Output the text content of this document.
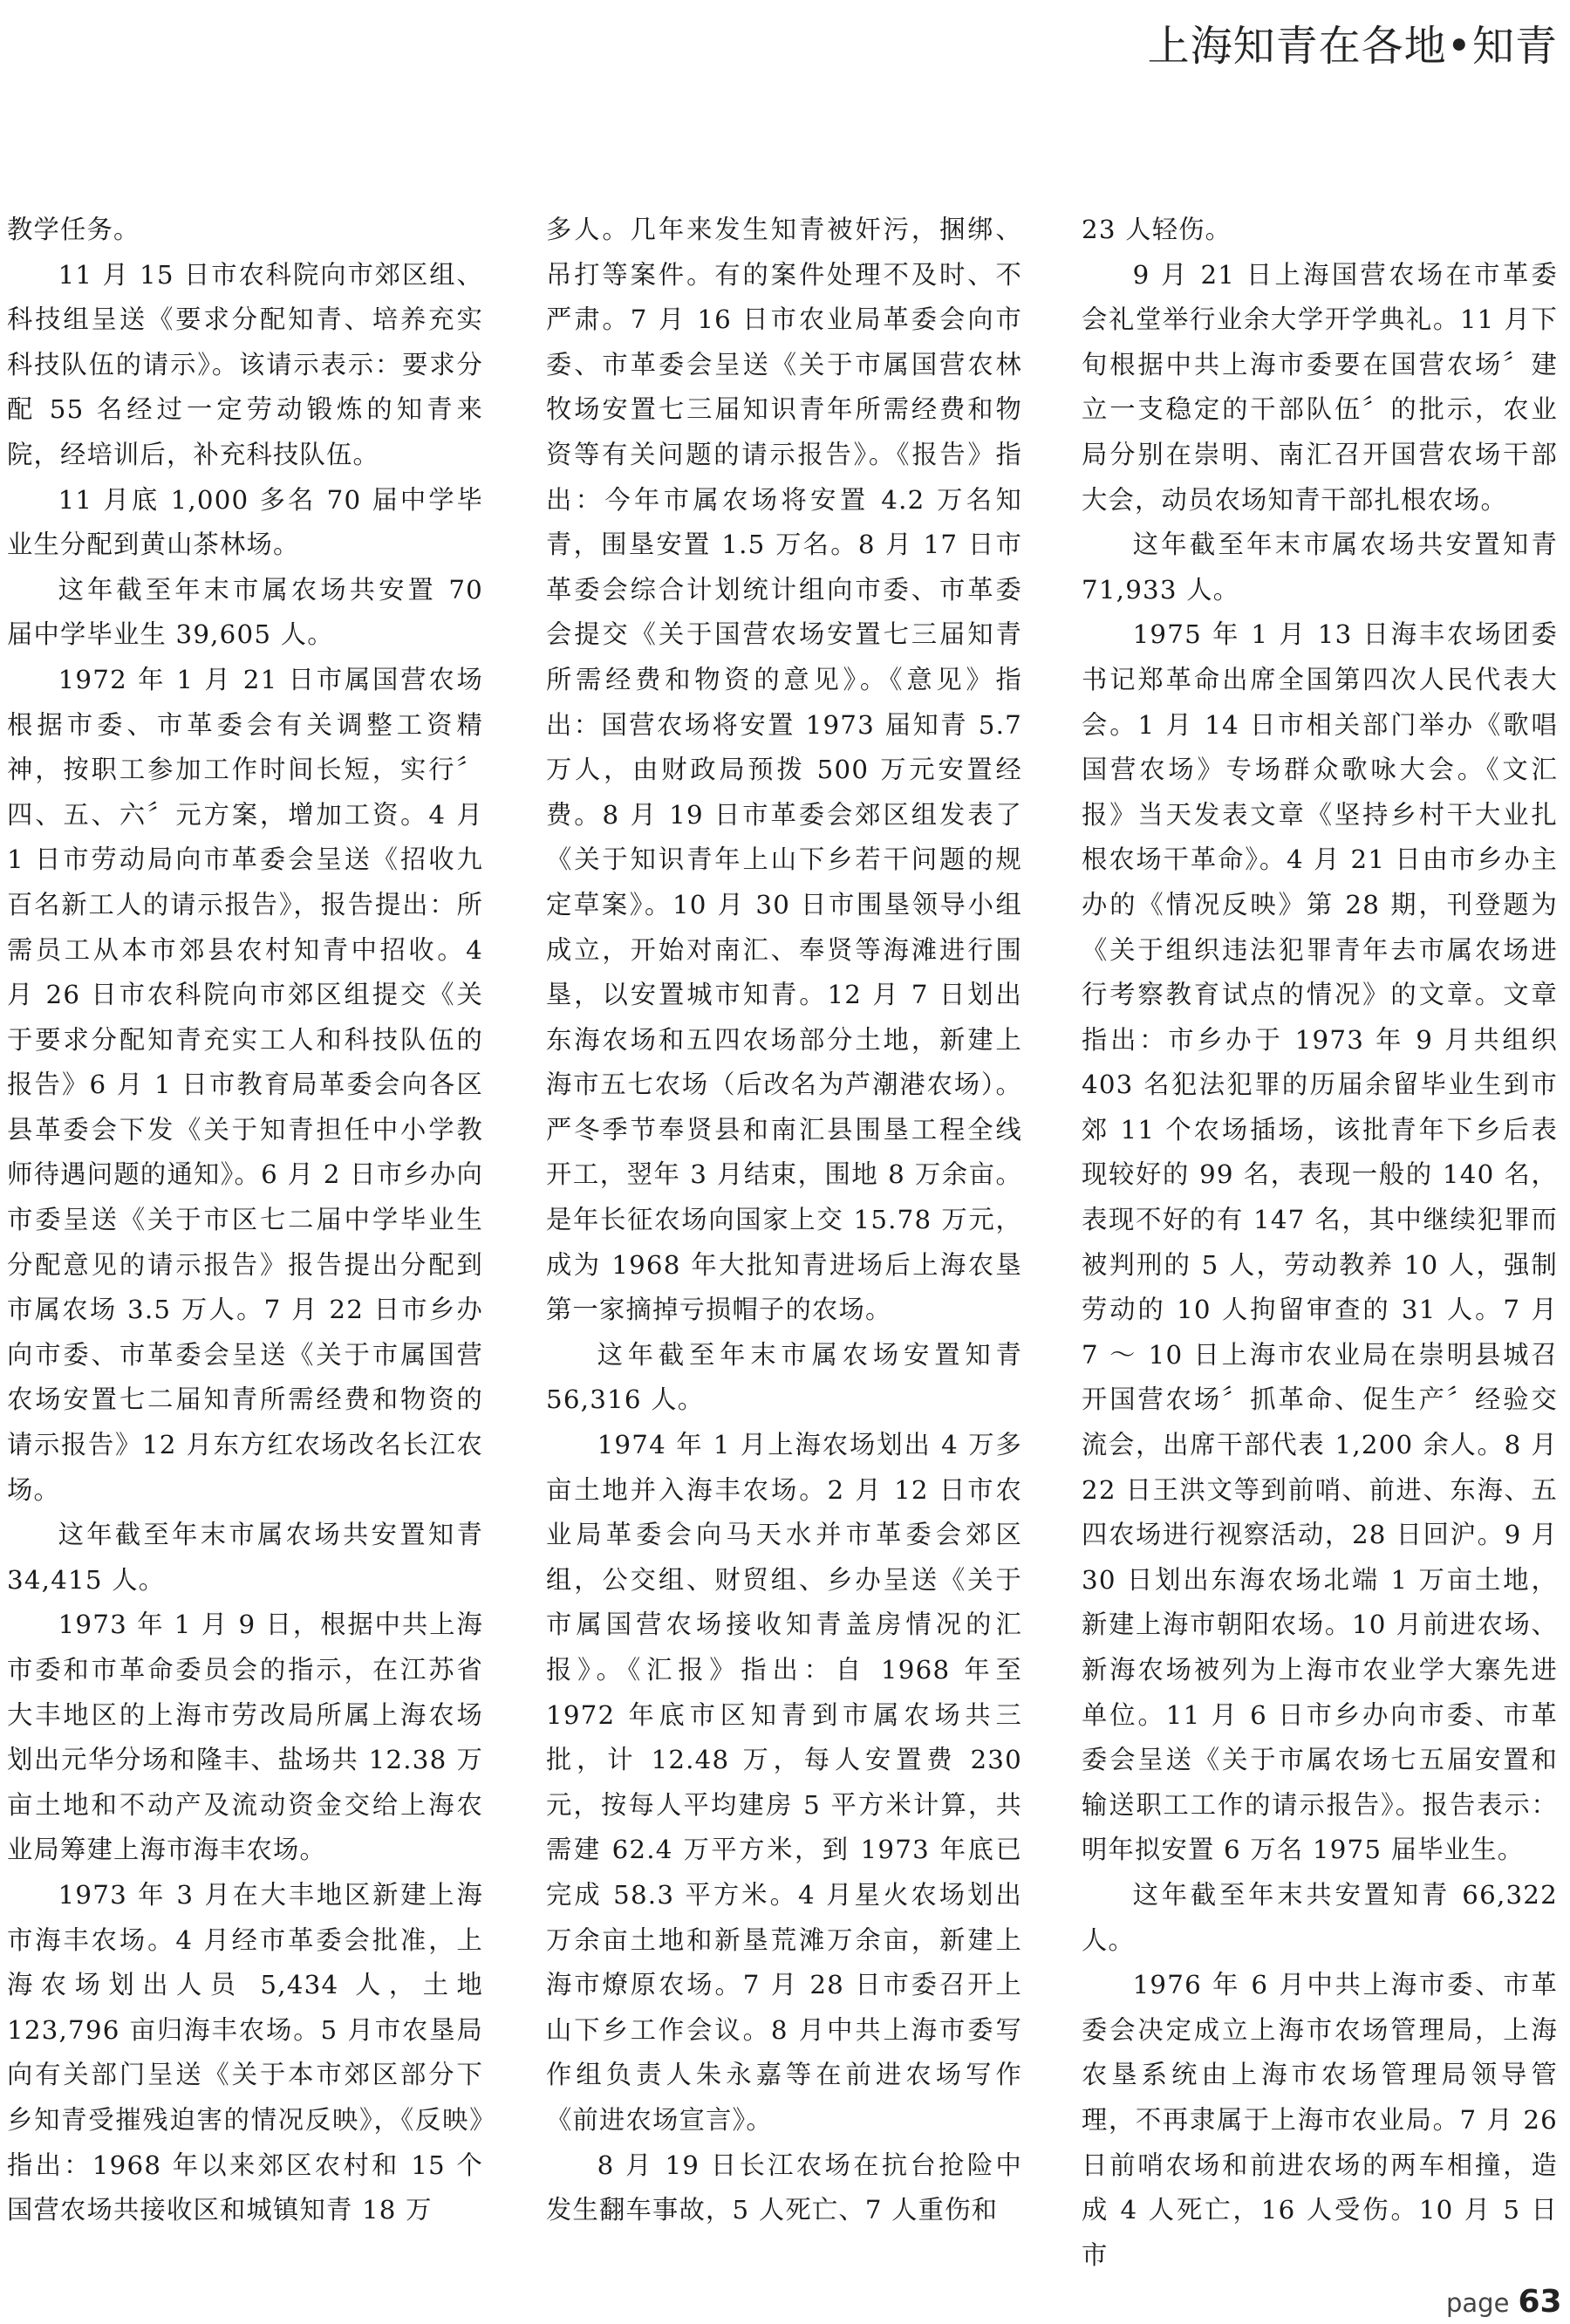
上海知青在各地•知青

教学任务。

11 月 15 日市农科院向市郊区组、科技组呈送《要求分配知青、培养充实科技队伍的请示》。该请示表示：要求分配 55 名经过一定劳动锻炼的知青来院，经培训后，补充科技队伍。

11 月底 1,000 多名 70 届中学毕业生分配到黄山茶林场。

这年截至年末市属农场共安置 70 届中学毕业生 39,605 人。

1972 年 1 月 21 日市属国营农场根据市委、市革委会有关调整工资精神，按职工参加工作时间长短，实行〞四、五、六〞元方案，增加工资。4 月 1 日市劳动局向市革委会呈送《招收九百名新工人的请示报告》，报告提出：所需员工从本市郊县农村知青中招收。4 月 26 日市农科院向市郊区组提交《关于要求分配知青充实工人和科技队伍的报告》6 月 1 日市教育局革委会向各区县革委会下发《关于知青担任中小学教师待遇问题的通知》。6 月 2 日市乡办向市委呈送《关于市区七二届中学毕业生分配意见的请示报告》报告提出分配到市属农场 3.5 万人。7 月 22 日市乡办向市委、市革委会呈送《关于市属国营农场安置七二届知青所需经费和物资的请示报告》12 月东方红农场改名长江农场。

这年截至年末市属农场共安置知青 34,415 人。

1973 年 1 月 9 日，根据中共上海市委和市革命委员会的指示，在江苏省大丰地区的上海市劳改局所属上海农场划出元华分场和隆丰、盐场共 12.38 万亩土地和不动产及流动资金交给上海农业局筹建上海市海丰农场。

1973 年 3 月在大丰地区新建上海市海丰农场。4 月经市革委会批准，上海农场划出人员 5,434 人，土地 123,796 亩归海丰农场。5 月市农垦局向有关部门呈送《关于本市郊区部分下乡知青受摧残迫害的情况反映》，《反映》指出：1968 年以来郊区农村和 15 个国营农场共接收区和城镇知青 18 万

多人。几年来发生知青被奸污，捆绑、吊打等案件。有的案件处理不及时、不严肃。7 月 16 日市农业局革委会向市委、市革委会呈送《关于市属国营农林牧场安置七三届知识青年所需经费和物资等有关问题的请示报告》。《报告》指出：今年市属农场将安置 4.2 万名知青，围垦安置 1.5 万名。8 月 17 日市革委会综合计划统计组向市委、市革委会提交《关于国营农场安置七三届知青所需经费和物资的意见》。《意见》指出：国营农场将安置 1973 届知青 5.7 万人，由财政局预拨 500 万元安置经费。8 月 19 日市革委会郊区组发表了《关于知识青年上山下乡若干问题的规定草案》。10 月 30 日市围垦领导小组成立，开始对南汇、奉贤等海滩进行围垦，以安置城市知青。12 月 7 日划出东海农场和五四农场部分土地，新建上海市五七农场（后改名为芦潮港农场）。严冬季节奉贤县和南汇县围垦工程全线开工，翌年 3 月结束，围地 8 万余亩。是年长征农场向国家上交 15.78 万元，成为 1968 年大批知青进场后上海农垦第一家摘掉亏损帽子的农场。

这年截至年末市属农场安置知青 56,316 人。

1974 年 1 月上海农场划出 4 万多亩土地并入海丰农场。2 月 12 日市农业局革委会向马天水并市革委会郊区组，公交组、财贸组、乡办呈送《关于市属国营农场接收知青盖房情况的汇报》。《汇报》指出：自 1968 年至 1972 年底市区知青到市属农场共三批，计 12.48 万，每人安置费 230 元，按每人平均建房 5 平方米计算，共需建 62.4 万平方米，到 1973 年底已完成 58.3 平方米。4 月星火农场划出万余亩土地和新垦荒滩万余亩，新建上海市燎原农场。7 月 28 日市委召开上山下乡工作会议。8 月中共上海市委写作组负责人朱永嘉等在前进农场写作《前进农场宣言》。

8 月 19 日长江农场在抗台抢险中发生翻车事故，5 人死亡、7 人重伤和

23 人轻伤。

9 月 21 日上海国营农场在市革委会礼堂举行业余大学开学典礼。11 月下旬根据中共上海市委要在国营农场〞建立一支稳定的干部队伍〞的批示，农业局分别在崇明、南汇召开国营农场干部大会，动员农场知青干部扎根农场。

这年截至年末市属农场共安置知青 71,933 人。

1975 年 1 月 13 日海丰农场团委书记郑革命出席全国第四次人民代表大会。1 月 14 日市相关部门举办《歌唱国营农场》专场群众歌咏大会。《文汇报》当天发表文章《坚持乡村干大业扎根农场干革命》。4 月 21 日由市乡办主办的《情况反映》第 28 期，刊登题为《关于组织违法犯罪青年去市属农场进行考察教育试点的情况》的文章。文章指出：市乡办于 1973 年 9 月共组织 403 名犯法犯罪的历届余留毕业生到市郊 11 个农场插场，该批青年下乡后表现较好的 99 名，表现一般的 140 名，表现不好的有 147 名，其中继续犯罪而被判刑的 5 人，劳动教养 10 人，强制劳动的 10 人拘留审查的 31 人。7 月 7 ～ 10 日上海市农业局在崇明县城召开国营农场〞抓革命、促生产〞经验交流会，出席干部代表 1,200 余人。8 月 22 日王洪文等到前哨、前进、东海、五四农场进行视察活动，28 日回沪。9 月 30 日划出东海农场北端 1 万亩土地，新建上海市朝阳农场。10 月前进农场、新海农场被列为上海市农业学大寨先进单位。11 月 6 日市乡办向市委、市革委会呈送《关于市属农场七五届安置和输送职工工作的请示报告》。报告表示：明年拟安置 6 万名 1975 届毕业生。

这年截至年末共安置知青 66,322 人。

1976 年 6 月中共上海市委、市革委会决定成立上海市农场管理局，上海农垦系统由上海市农场管理局领导管理，不再隶属于上海市农业局。7 月 26 日前哨农场和前进农场的两车相撞，造成 4 人死亡，16 人受伤。10 月 5 日市

page 63
